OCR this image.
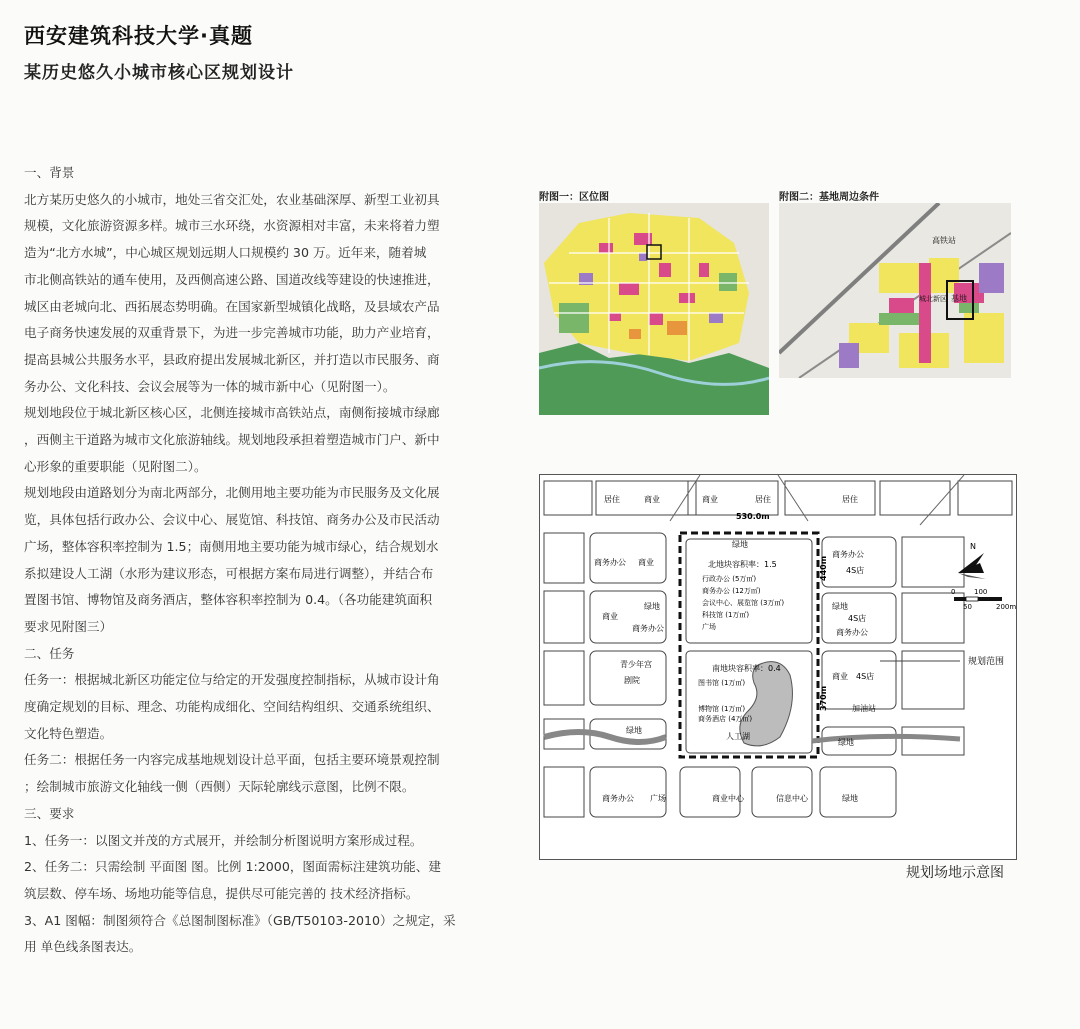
西安建筑科技大学·真题
某历史悠久小城市核心区规划设计

一、背景

北方某历史悠久的小城市，地处三省交汇处，农业基础深厚、新型工业初具

规模，文化旅游资源多样。城市三水环绕，水资源相对丰富，未来将着力塑

造为“北方水城”，中心城区规划远期人口规模约 30 万。近年来，随着城

市北侧高铁站的通车使用，及西侧高速公路、国道改线等建设的快速推进，

城区由老城向北、西拓展态势明确。在国家新型城镇化战略，及县域农产品

电子商务快速发展的双重背景下，为进一步完善城市功能，助力产业培育，

提高县城公共服务水平，县政府提出发展城北新区，并打造以市民服务、商

务办公、文化科技、会议会展等为一体的城市新中心（见附图一）。

规划地段位于城北新区核心区，北侧连接城市高铁站点，南侧衔接城市绿廊

，西侧主干道路为城市文化旅游轴线。规划地段承担着塑造城市门户、新中

心形象的重要职能（见附图二）。

规划地段由道路划分为南北两部分，北侧用地主要功能为市民服务及文化展

览，具体包括行政办公、会议中心、展览馆、科技馆、商务办公及市民活动

广场，整体容积率控制为 1.5；南侧用地主要功能为城市绿心，结合规划水

系拟建设人工湖（水形为建议形态，可根据方案布局进行调整），并结合布

置图书馆、博物馆及商务酒店，整体容积率控制为 0.4。（各功能建筑面积

要求见附图三）

二、任务

任务一：根据城北新区功能定位与给定的开发强度控制指标，从城市设计角

度确定规划的目标、理念、功能构成细化、空间结构组织、交通系统组织、

文化特色塑造。

任务二：根据任务一内容完成基地规划设计总平面，包括主要环境景观控制

；绘制城市旅游文化轴线一侧（西侧）天际轮廓线示意图，比例不限。

三、要求

1、任务一：以图文并茂的方式展开，并绘制分析图说明方案形成过程。

2、任务二：只需绘制 平面图 图。比例 1:2000，图面需标注建筑功能、建

筑层数、停车场、场地功能等信息，提供尽可能完善的 技术经济指标。

3、A1 图幅：制图须符合《总图制图标准》（GB/T50103-2010）之规定，采

用 单色线条图表达。

附图一：区位图	附图二：基地周边条件
高铁站
城北新区 基地
居住	商业	商业	居住	居住
商务办公 商业
商业
绿地
商务办公
青少年宫
剧院
绿地
商务办公
4S店
绿地
4S店
商务办公
商业 4S店
加油站
绿地
商务办公 广场	商业中心	信息中心	绿地
绿地
北地块容积率：1.5
行政办公 (5万㎡)
商务办公 (12万㎡)
会议中心、展览馆 (3万㎡)
科技馆 (1万㎡)
广场
南地块容积率：0.4
图书馆 (1万㎡)
博物馆 (1万㎡)
商务酒店 (4万㎡)
人工湖
530.0m
440m
370m
规划范围
N
0	100
50	200m
规划场地示意图
